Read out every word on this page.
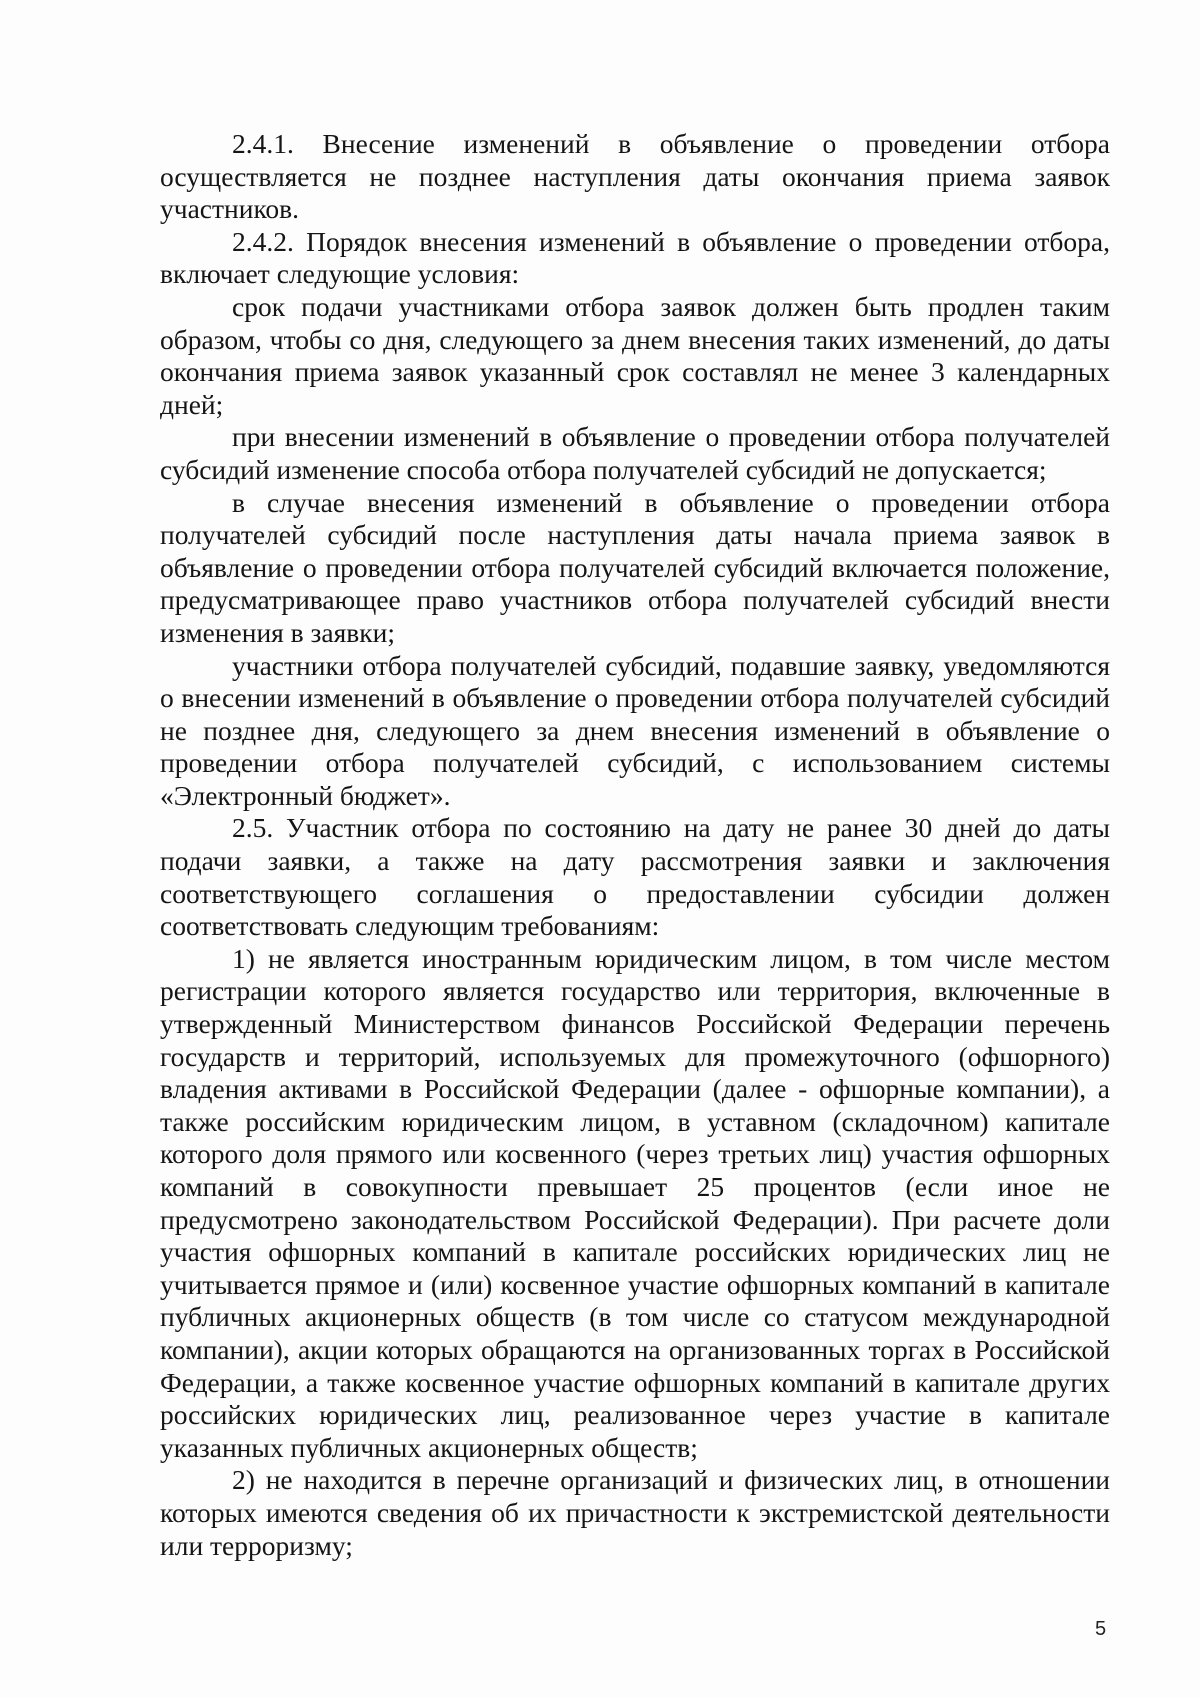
2.4.1. Внесение изменений в объявление о проведении отбора осуществляется не позднее наступления даты окончания приема заявок участников.

2.4.2. Порядок внесения изменений в объявление о проведении отбора, включает следующие условия:

срок подачи участниками отбора заявок должен быть продлен таким образом, чтобы со дня, следующего за днем внесения таких изменений, до даты окончания приема заявок указанный срок составлял не менее 3 календарных дней;

при внесении изменений в объявление о проведении отбора получателей субсидий изменение способа отбора получателей субсидий не допускается;

в случае внесения изменений в объявление о проведении отбора получателей субсидий после наступления даты начала приема заявок в объявление о проведении отбора получателей субсидий включается положение, предусматривающее право участников отбора получателей субсидий внести изменения в заявки;

участники отбора получателей субсидий, подавшие заявку, уведомляются о внесении изменений в объявление о проведении отбора получателей субсидий не позднее дня, следующего за днем внесения изменений в объявление о проведении отбора получателей субсидий, с использованием системы «Электронный бюджет».

2.5. Участник отбора по состоянию на дату не ранее 30 дней до даты подачи заявки, а также на дату рассмотрения заявки и заключения соответствующего соглашения о предоставлении субсидии должен соответствовать следующим требованиям:

1) не является иностранным юридическим лицом, в том числе местом регистрации которого является государство или территория, включенные в утвержденный Министерством финансов Российской Федерации перечень государств и территорий, используемых для промежуточного (офшорного) владения активами в Российской Федерации (далее - офшорные компании), а также российским юридическим лицом, в уставном (складочном) капитале которого доля прямого или косвенного (через третьих лиц) участия офшорных компаний в совокупности превышает 25 процентов (если иное не предусмотрено законодательством Российской Федерации). При расчете доли участия офшорных компаний в капитале российских юридических лиц не учитывается прямое и (или) косвенное участие офшорных компаний в капитале публичных акционерных обществ (в том числе со статусом международной компании), акции которых обращаются на организованных торгах в Российской Федерации, а также косвенное участие офшорных компаний в капитале других российских юридических лиц, реализованное через участие в капитале указанных публичных акционерных обществ;

2) не находится в перечне организаций и физических лиц, в отношении которых имеются сведения об их причастности к экстремистской деятельности или терроризму;

5
